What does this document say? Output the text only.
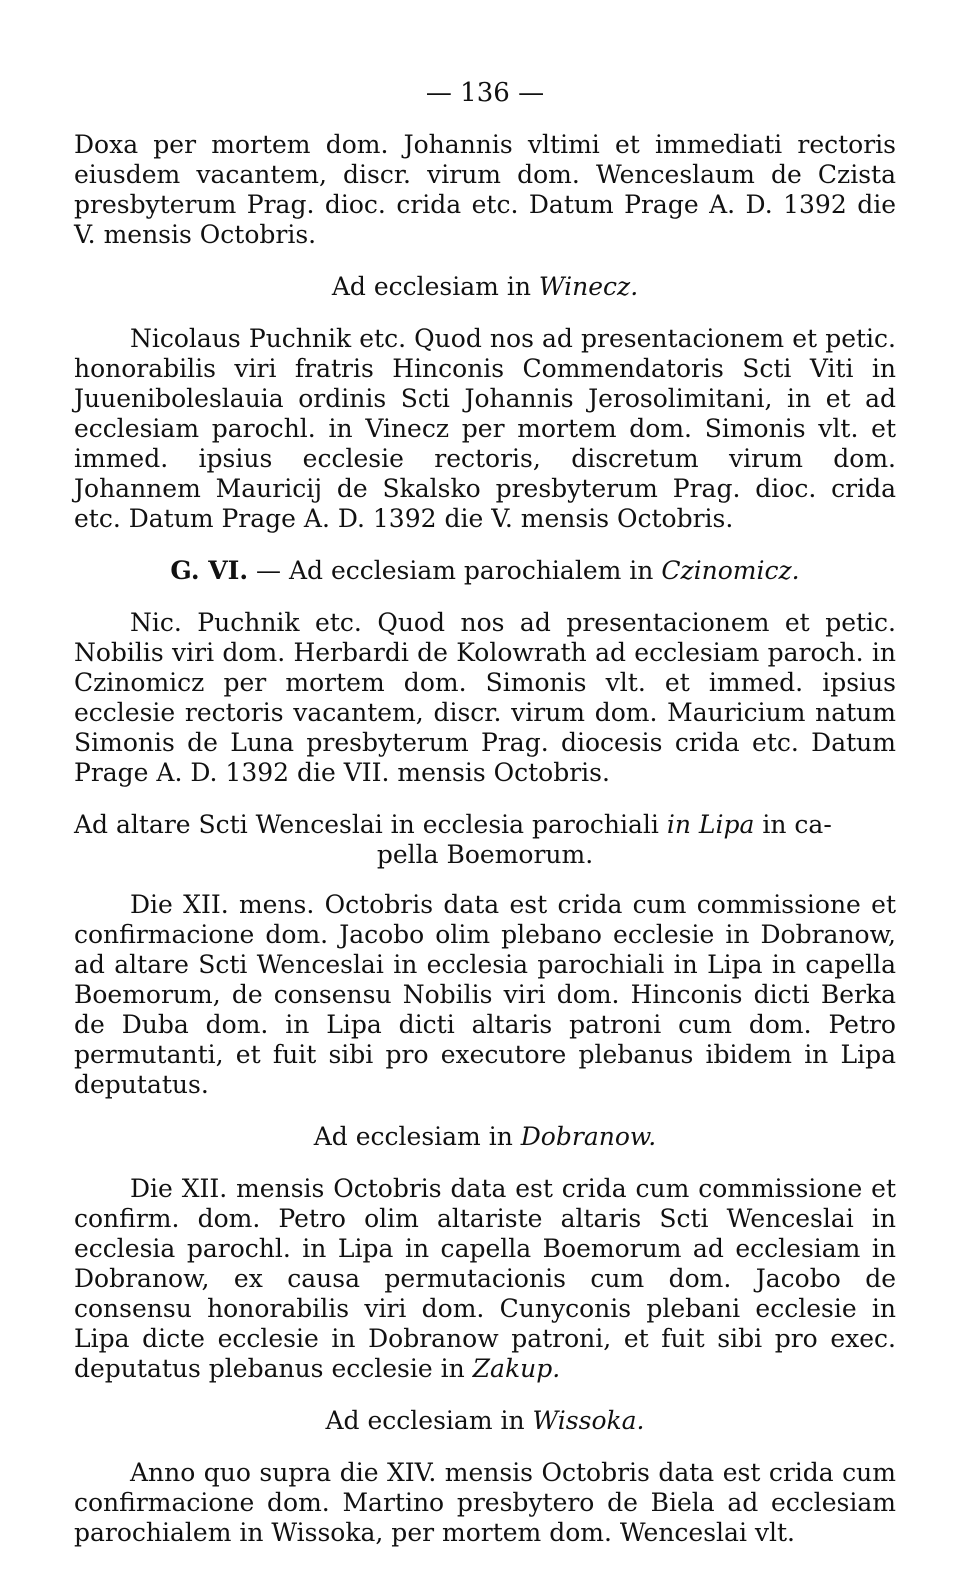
— 136 —

Doxa per mortem dom. Johannis vltimi et immediati rectoris eiusdem vacantem, discr. virum dom. Wenceslaum de Czista presbyterum Prag. dioc. crida etc. Datum Prage A. D. 1392 die V. mensis Octobris.

Ad ecclesiam in Winecz.

Nicolaus Puchnik etc. Quod nos ad presentacionem et petic. honorabilis viri fratris Hinconis Commendatoris Scti Viti in Juueniboleslauia ordinis Scti Johannis Jerosolimitani, in et ad ecclesiam parochl. in Vinecz per mortem dom. Simonis vlt. et immed. ipsius ecclesie rectoris, discretum virum dom. Johannem Mauricij de Skalsko presbyterum Prag. dioc. crida etc. Datum Prage A. D. 1392 die V. mensis Octobris.

G. VI. — Ad ecclesiam parochialem in Czinomicz.

Nic. Puchnik etc. Quod nos ad presentacionem et petic. Nobilis viri dom. Herbardi de Kolowrath ad ecclesiam paroch. in Czinomicz per mortem dom. Simonis vlt. et immed. ipsius ecclesie rectoris vacantem, discr. virum dom. Mauricium natum Simonis de Luna presbyterum Prag. diocesis crida etc. Datum Prage A. D. 1392 die VII. mensis Octobris.

Ad altare Scti Wenceslai in ecclesia parochiali in Lipa in ca-
pella Boemorum.

Die XII. mens. Octobris data est crida cum commissione et confirmacione dom. Jacobo olim plebano ecclesie in Dobranow, ad altare Scti Wenceslai in ecclesia parochiali in Lipa in capella Boemorum, de consensu Nobilis viri dom. Hinconis dicti Berka de Duba dom. in Lipa dicti altaris patroni cum dom. Petro permutanti, et fuit sibi pro executore plebanus ibidem in Lipa deputatus.

Ad ecclesiam in Dobranow.

Die XII. mensis Octobris data est crida cum commissione et confirm. dom. Petro olim altariste altaris Scti Wenceslai in ecclesia parochl. in Lipa in capella Boemorum ad ecclesiam in Dobranow, ex causa permutacionis cum dom. Jacobo de consensu honorabilis viri dom. Cunyconis plebani ecclesie in Lipa dicte ecclesie in Dobranow patroni, et fuit sibi pro exec. deputatus plebanus ecclesie in Zakup.

Ad ecclesiam in Wissoka.

Anno quo supra die XIV. mensis Octobris data est crida cum confirmacione dom. Martino presbytero de Biela ad ecclesiam parochialem in Wissoka, per mortem dom. Wenceslai vlt.
